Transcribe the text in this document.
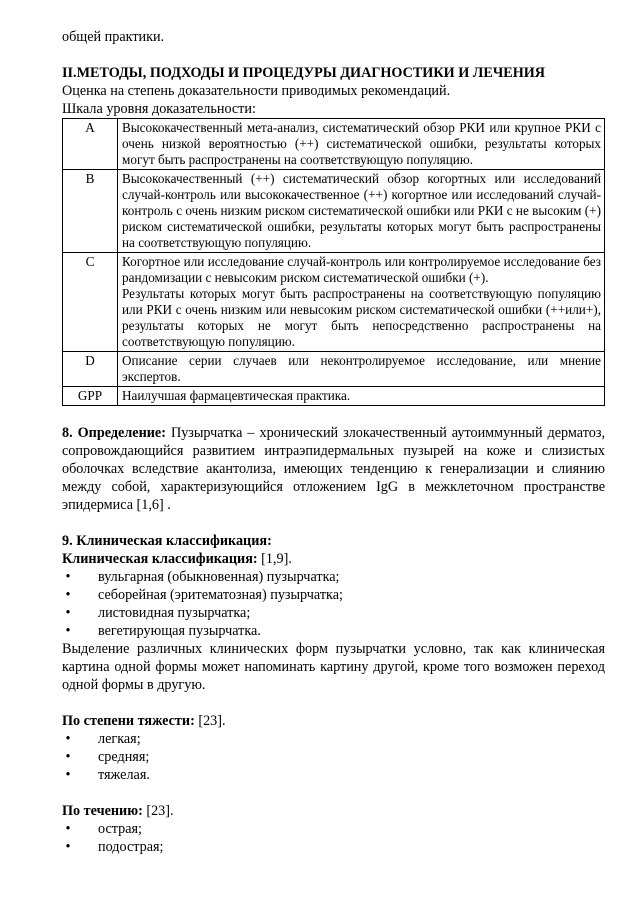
общей практики.

II.МЕТОДЫ, ПОДХОДЫ И ПРОЦЕДУРЫ ДИАГНОСТИКИ И ЛЕЧЕНИЯ

Оценка на степень доказательности приводимых рекомендаций.

Шкала уровня доказательности:

A	Высококачественный мета-анализ, систематический обзор РКИ или крупное РКИ с очень низкой вероятностью (++) систематической ошибки, результаты которых могут быть распространены на соответствующую популяцию.
B	Высококачественный (++) систематический обзор когортных или исследований случай-контроль или высококачественное (++) когортное или исследований случай-контроль с очень низким риском систематической ошибки или РКИ с не высоким (+) риском систематической ошибки, результаты которых могут быть распространены на соответствующую популяцию.
C	Когортное или исследование случай-контроль или контролируемое исследование без рандомизации с невысоким риском систематической ошибки (+).
Результаты которых могут быть распространены на соответствующую популяцию или РКИ с очень низким или невысоким риском систематической ошибки (++или+), результаты которых не могут быть непосредственно распространены на соответствующую популяцию.

D	Описание серии случаев или неконтролируемое исследование, или мнение экспертов.
GPP	Наилучшая фармацевтическая практика.

8. Определение: Пузырчатка – хронический злокачественный аутоиммунный дерматоз, сопровождающийся развитием интраэпидермальных пузырей на коже и слизистых оболочках вследствие акантолиза, имеющих тенденцию к генерализации и слиянию между собой, характеризующийся отложением IgG в межклеточном пространстве эпидермиса [1,6] .

9. Клиническая классификация:

Клиническая классификация: [1,9].

• вульгарная (обыкновенная) пузырчатка;
• себорейная (эритематозная) пузырчатка;
• листовидная пузырчатка;
• вегетирующая пузырчатка.

Выделение различных клинических форм пузырчатки условно, так как клиническая картина одной формы может напоминать картину другой, кроме того возможен переход одной формы в другую.

По степени тяжести: [23].

• легкая;
• средняя;
• тяжелая.

По течению: [23].

• острая;
• подострая;
